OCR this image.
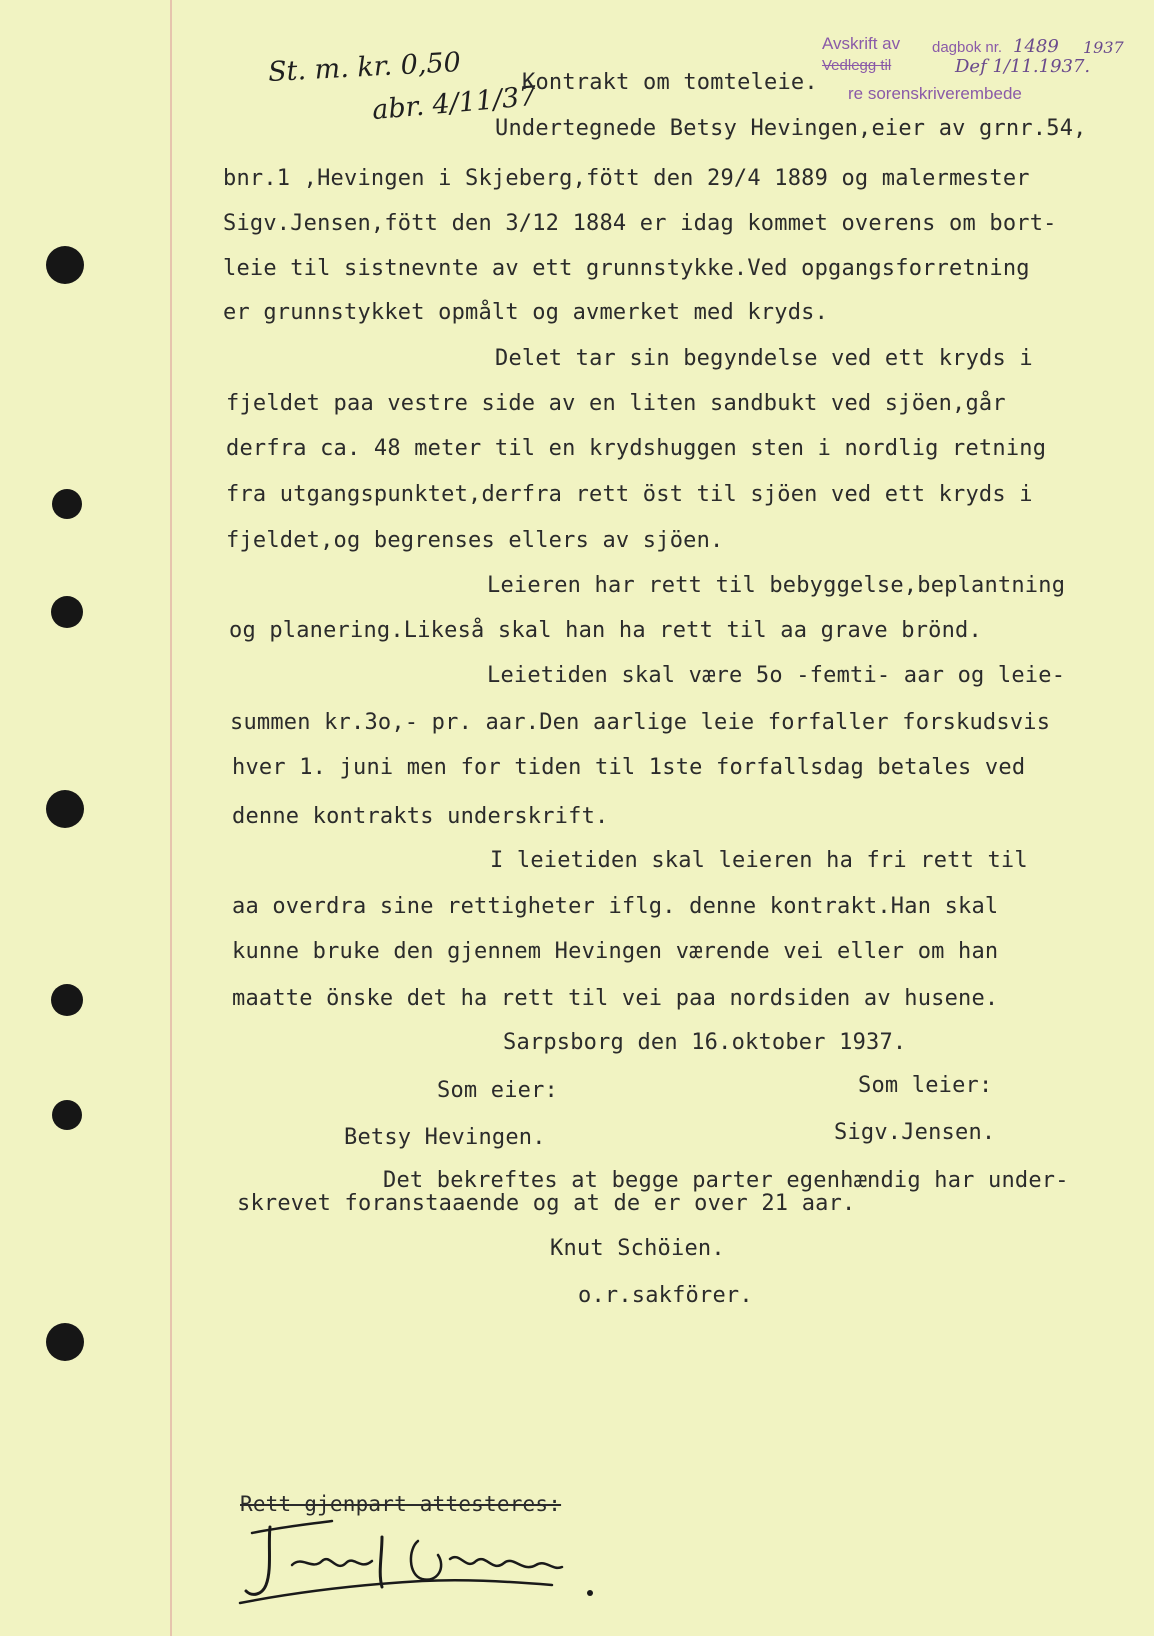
Avskrift av dagbok nr. 1489 1937
Vedlegg til	Def 1/11.1937.
re sorenskriverembede
St. m. kr. 0,50
abr. 4/11/37
Kontrakt om tomteleie.
Undertegnede Betsy Hevingen,eier av grnr.54,
bnr.1 ,Hevingen i Skjeberg,fött den 29/4 1889 og malermester
Sigv.Jensen,fött den 3/12 1884 er idag kommet overens om bort-
leie til sistnevnte av ett grunnstykke.Ved opgangsforretning
er grunnstykket opmålt og avmerket med kryds.
Delet tar sin begyndelse ved ett kryds i
fjeldet paa vestre side av en liten sandbukt ved sjöen,går
derfra ca. 48 meter til en krydshuggen sten i nordlig retning
fra utgangspunktet,derfra rett öst til sjöen ved ett kryds i
fjeldet,og begrenses ellers av sjöen.
Leieren har rett til bebyggelse,beplantning
og planering.Likeså skal han ha rett til aa grave brönd.
Leietiden skal være 5o -femti- aar og leie-
summen kr.3o,- pr. aar.Den aarlige leie forfaller forskudsvis
hver 1. juni men for tiden til 1ste forfallsdag betales ved
denne kontrakts underskrift.
I leietiden skal leieren ha fri rett til
aa overdra sine rettigheter iflg. denne kontrakt.Han skal
kunne bruke den gjennem Hevingen værende vei eller om han
maatte önske det ha rett til vei paa nordsiden av husene.
Sarpsborg den 16.oktober 1937.
Som eier:	Som leier:
Betsy Hevingen.	Sigv.Jensen.
Det bekreftes at begge parter egenhændig har under-
skrevet foranstaaende og at de er over 21 aar.
Knut Schöien.
o.r.sakförer.
Rett gjenpart attesteres:
